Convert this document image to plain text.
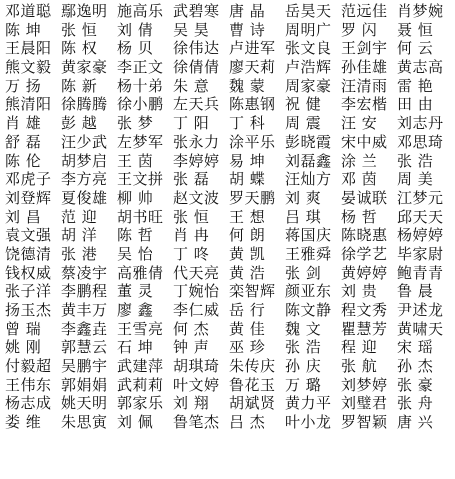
邓道聪 鄢逸明 施高乐 武碧寒 唐 晶	岳昊天 范远佳 肖梦婉
陈 坤	张 恒	刘 倩	吴 昊	曹 诗	周明广 罗 闪	聂 恒
王晨阳 陈 权	杨 贝	徐伟达 卢进军 张文良 王剑宇 何 云
熊文毅 黄家豪 李正文 徐倩倩 廖天莉 卢浩辉 孙佳雄 黄志高
万 扬	陈 新	杨十弟 朱 意	魏 蒙	周家豪 汪清雨 雷 艳
熊清阳 徐腾腾 徐小鹏 左天兵 陈惠钢 祝 健	李宏楷 田 由
肖 雄	彭 越	张 梦	丁 阳	丁 科	周 震	汪 安	刘志丹
舒 磊	汪少武 左梦军 张永力 涂平乐 彭晓霞 宋中威 邓思琦
陈 伦	胡梦启 王 茵	李婷婷 易 坤	刘磊鑫 涂 兰	张 浩
邓虎子 李方亮 王文拼 张 磊	胡 蝶	汪灿方 邓 茵	周 美
刘登辉 夏俊雄 柳 帅	赵文波 罗天鹏 刘 爽	晏诚联 江梦元
刘 昌	范 迎	胡书旺 张 恒	王 想	吕 琪	杨 哲	邱天天
袁文强 胡 洋	陈 哲	肖 冉	何 朗	蒋国庆 陈晓惠 杨婷婷
饶德清 张 港	吴 怡	丁 咚	黄 凯	王雅舜 徐学艺 毕家尉
钱权威 蔡凌宇 高雅倩 代天亮 黄 浩	张 剑	黄婷婷 鲍青青
张子洋 李鹏程 董 灵	丁婉怡 栾智辉 颜亚东 刘 贵	鲁 晨
扬玉杰 黄丰万 廖 鑫	李仁威 岳 行	陈文静 程文秀 尹述龙
曾 瑞	李鑫垚 王雪亮 何 杰	黄 佳	魏 文	瞿慧芳 黄啸天
姚 刚	郭慧云 石 坤	钟 声	巫 珍	张 浩	程 迎	宋 瑶
付毅超 吴鹏宇 武建萍 胡琪琦 朱传庆 孙 庆	张 航	孙 杰
王伟东 郭娟娟 武莉莉 叶文婷 鲁花玉 万 璐	刘梦婷 张 豪
杨志成 姚天明 郭家乐 刘 翔	胡斌贤 黄力平 刘璧君 张 舟
娄 维	朱思寅 刘 佩	鲁笔杰 吕 杰	叶小龙 罗智颖 唐 兴
